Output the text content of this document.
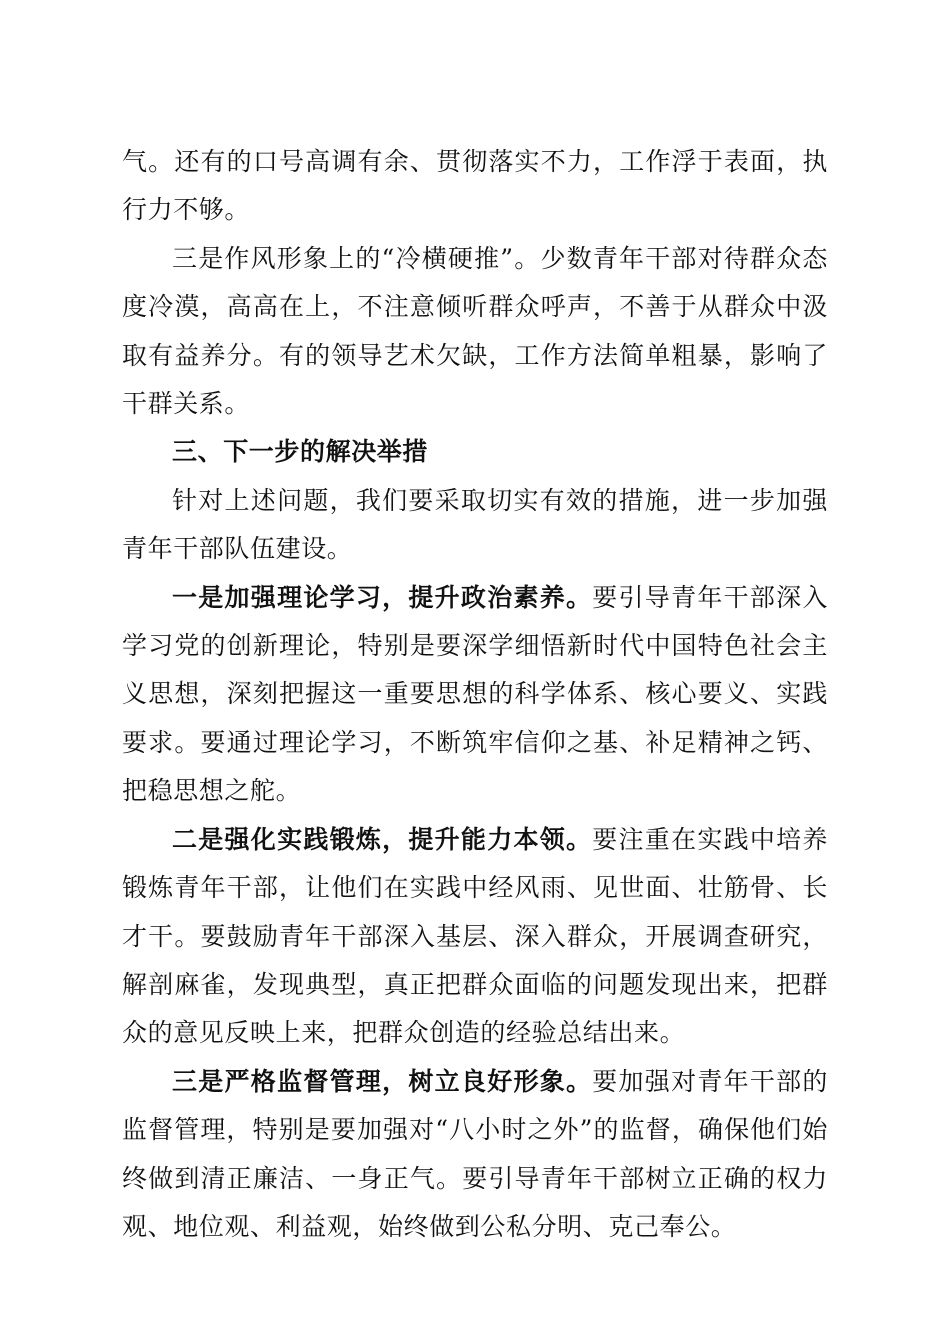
气。还有的口号高调有余、贯彻落实不力，工作浮于表面，执行力不够。

三是作风形象上的“冷横硬推”。少数青年干部对待群众态度冷漠，高高在上，不注意倾听群众呼声，不善于从群众中汲取有益养分。有的领导艺术欠缺，工作方法简单粗暴，影响了干群关系。

三、下一步的解决举措

针对上述问题，我们要采取切实有效的措施，进一步加强青年干部队伍建设。

一是加强理论学习，提升政治素养。要引导青年干部深入学习党的创新理论，特别是要深学细悟新时代中国特色社会主义思想，深刻把握这一重要思想的科学体系、核心要义、实践要求。要通过理论学习，不断筑牢信仰之基、补足精神之钙、把稳思想之舵。

二是强化实践锻炼，提升能力本领。要注重在实践中培养锻炼青年干部，让他们在实践中经风雨、见世面、壮筋骨、长才干。要鼓励青年干部深入基层、深入群众，开展调查研究，解剖麻雀，发现典型，真正把群众面临的问题发现出来，把群众的意见反映上来，把群众创造的经验总结出来。

三是严格监督管理，树立良好形象。要加强对青年干部的监督管理，特别是要加强对“八小时之外”的监督，确保他们始终做到清正廉洁、一身正气。要引导青年干部树立正确的权力观、地位观、利益观，始终做到公私分明、克己奉公。
